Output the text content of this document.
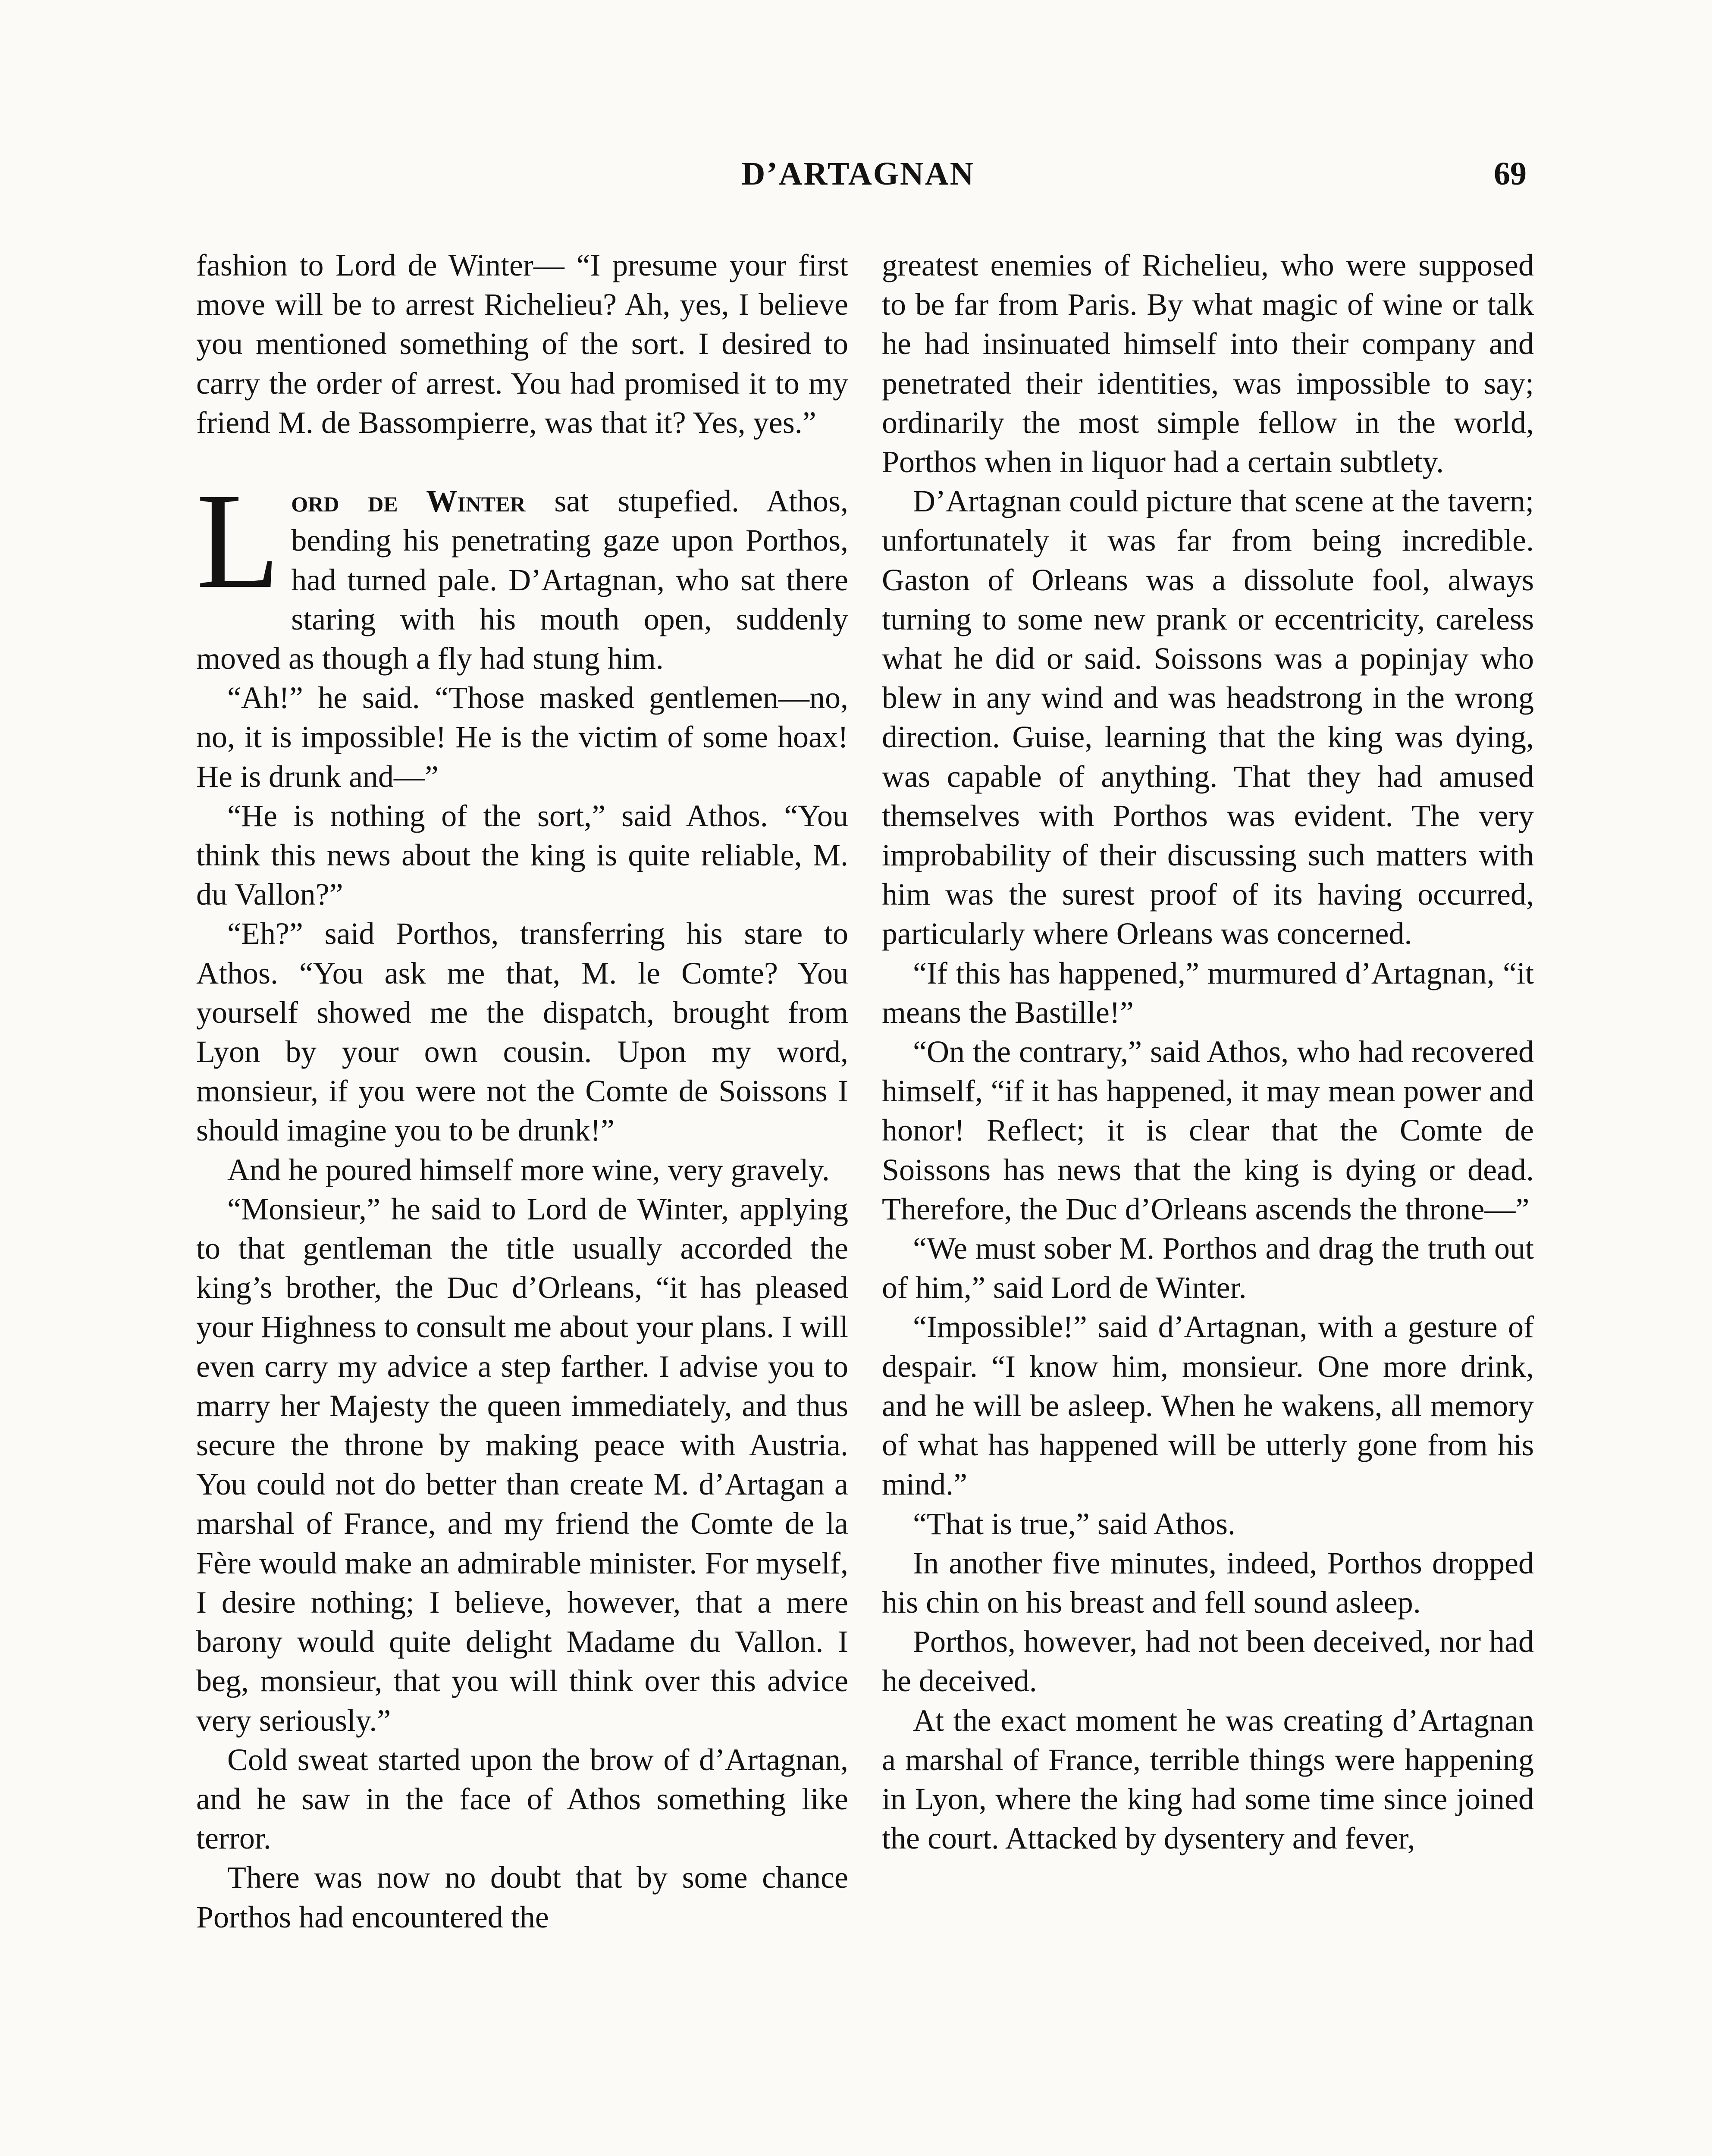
D’ARTAGNAN	69

fashion to Lord de Winter— “I presume your first move will be to arrest Richelieu? Ah, yes, I believe you mentioned something of the sort. I desired to carry the order of arrest. You had promised it to my friend M. de Bassompierre, was that it? Yes, yes.”

Lord de Winter sat stupefied. Athos, bending his penetrating gaze upon Porthos, had turned pale. D’Artagnan, who sat there staring with his mouth open, suddenly moved as though a fly had stung him.

“Ah!” he said. “Those masked gentlemen—no, no, it is impossible! He is the victim of some hoax! He is drunk and—”

“He is nothing of the sort,” said Athos. “You think this news about the king is quite reliable, M. du Vallon?”

“Eh?” said Porthos, transferring his stare to Athos. “You ask me that, M. le Comte? You yourself showed me the dispatch, brought from Lyon by your own cousin. Upon my word, monsieur, if you were not the Comte de Soissons I should imagine you to be drunk!”

And he poured himself more wine, very gravely.

“Monsieur,” he said to Lord de Winter, applying to that gentleman the title usually accorded the king’s brother, the Duc d’Orleans, “it has pleased your Highness to consult me about your plans. I will even carry my advice a step farther. I advise you to marry her Majesty the queen immediately, and thus secure the throne by making peace with Austria. You could not do better than create M. d’Artagan a marshal of France, and my friend the Comte de la Fère would make an admirable minister. For myself, I desire nothing; I believe, however, that a mere barony would quite delight Madame du Vallon. I beg, monsieur, that you will think over this advice very seriously.”

Cold sweat started upon the brow of d’Artagnan, and he saw in the face of Athos something like terror.

There was now no doubt that by some chance Porthos had encountered the

greatest enemies of Richelieu, who were supposed to be far from Paris. By what magic of wine or talk he had insinuated himself into their company and penetrated their identities, was impossible to say; ordinarily the most simple fellow in the world, Porthos when in liquor had a certain subtlety.

D’Artagnan could picture that scene at the tavern; unfortunately it was far from being incredible. Gaston of Orleans was a dissolute fool, always turning to some new prank or eccentricity, careless what he did or said. Soissons was a popinjay who blew in any wind and was headstrong in the wrong direction. Guise, learning that the king was dying, was capable of anything. That they had amused themselves with Porthos was evident. The very improbability of their discussing such matters with him was the surest proof of its having occurred, particularly where Orleans was concerned.

“If this has happened,” murmured d’Artagnan, “it means the Bastille!”

“On the contrary,” said Athos, who had recovered himself, “if it has happened, it may mean power and honor! Reflect; it is clear that the Comte de Soissons has news that the king is dying or dead. Therefore, the Duc d’Orleans ascends the throne—”

“We must sober M. Porthos and drag the truth out of him,” said Lord de Winter.

“Impossible!” said d’Artagnan, with a gesture of despair. “I know him, monsieur. One more drink, and he will be asleep. When he wakens, all memory of what has happened will be utterly gone from his mind.”

“That is true,” said Athos.

In another five minutes, indeed, Porthos dropped his chin on his breast and fell sound asleep.

Porthos, however, had not been deceived, nor had he deceived.

At the exact moment he was creating d’Artagnan a marshal of France, terrible things were happening in Lyon, where the king had some time since joined the court. Attacked by dysentery and fever,
